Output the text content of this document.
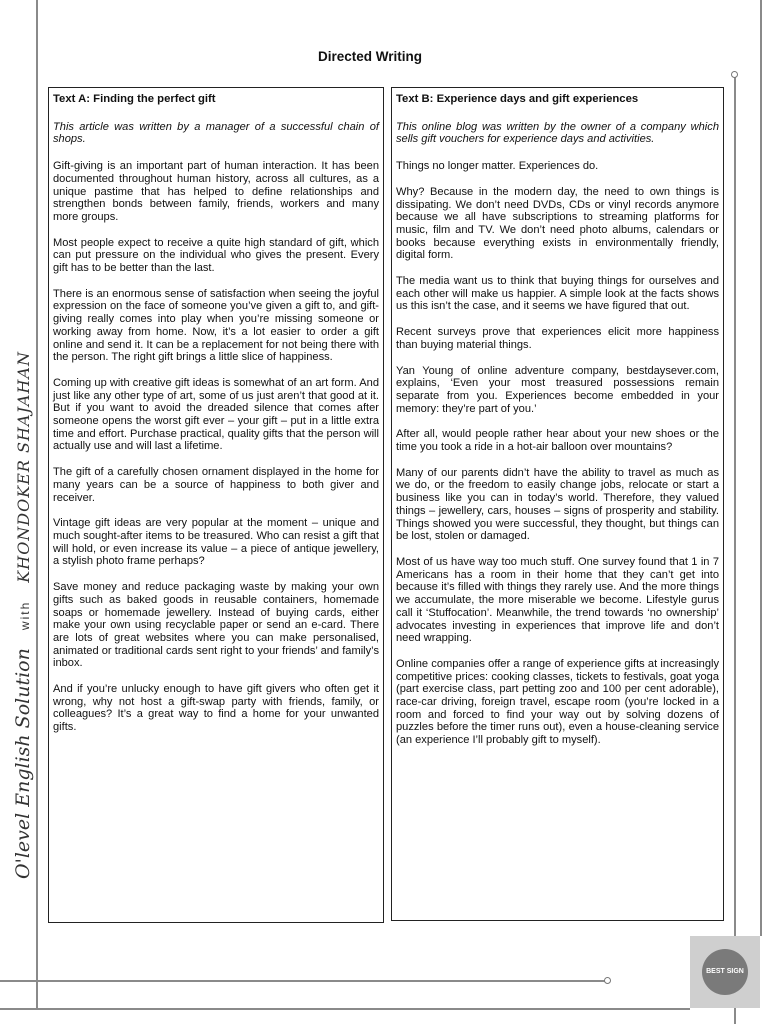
Directed Writing
O'level English Solution with KHONDOKER SHAJAHAN
Text A: Finding the perfect gift

This article was written by a manager of a successful chain of shops.

Gift-giving is an important part of human interaction. It has been documented throughout human history, across all cultures, as a unique pastime that has helped to define relationships and strengthen bonds between family, friends, workers and many more groups.

Most people expect to receive a quite high standard of gift, which can put pressure on the individual who gives the present. Every gift has to be better than the last.

There is an enormous sense of satisfaction when seeing the joyful expression on the face of someone you’ve given a gift to, and gift-giving really comes into play when you’re missing someone or working away from home. Now, it’s a lot easier to order a gift online and send it. It can be a replacement for not being there with the person. The right gift brings a little slice of happiness.

Coming up with creative gift ideas is somewhat of an art form. And just like any other type of art, some of us just aren’t that good at it. But if you want to avoid the dreaded silence that comes after someone opens the worst gift ever – your gift – put in a little extra time and effort. Purchase practical, quality gifts that the person will actually use and will last a lifetime.

The gift of a carefully chosen ornament displayed in the home for many years can be a source of happiness to both giver and receiver.

Vintage gift ideas are very popular at the moment – unique and much sought-after items to be treasured. Who can resist a gift that will hold, or even increase its value – a piece of antique jewellery, a stylish photo frame perhaps?

Save money and reduce packaging waste by making your own gifts such as baked goods in reusable containers, homemade soaps or homemade jewellery. Instead of buying cards, either make your own using recyclable paper or send an e-card. There are lots of great websites where you can make personalised, animated or traditional cards sent right to your friends’ and family’s inbox.

And if you’re unlucky enough to have gift givers who often get it wrong, why not host a gift-swap party with friends, family, or colleagues? It’s a great way to find a home for your unwanted gifts.

Text B: Experience days and gift experiences

This online blog was written by the owner of a company which sells gift vouchers for experience days and activities.

Things no longer matter. Experiences do.

Why? Because in the modern day, the need to own things is dissipating. We don’t need DVDs, CDs or vinyl records anymore because we all have subscriptions to streaming platforms for music, film and TV. We don’t need photo albums, calendars or books because everything exists in environmentally friendly, digital form.

The media want us to think that buying things for ourselves and each other will make us happier. A simple look at the facts shows us this isn’t the case, and it seems we have figured that out.

Recent surveys prove that experiences elicit more happiness than buying material things.

Yan Young of online adventure company, bestdaysever.com, explains, ‘Even your most treasured possessions remain separate from you. Experiences become embedded in your memory: they’re part of you.’

After all, would people rather hear about your new shoes or the time you took a ride in a hot-air balloon over mountains?

Many of our parents didn’t have the ability to travel as much as we do, or the freedom to easily change jobs, relocate or start a business like you can in today’s world. Therefore, they valued things – jewellery, cars, houses – signs of prosperity and stability. Things showed you were successful, they thought, but things can be lost, stolen or damaged.

Most of us have way too much stuff. One survey found that 1 in 7 Americans has a room in their home that they can’t get into because it’s filled with things they rarely use. And the more things we accumulate, the more miserable we become. Lifestyle gurus call it ‘Stuffocation’. Meanwhile, the trend towards ‘no ownership’ advocates investing in experiences that improve life and don’t need wrapping.

Online companies offer a range of experience gifts at increasingly competitive prices: cooking classes, tickets to festivals, goat yoga (part exercise class, part petting zoo and 100 per cent adorable), race-car driving, foreign travel, escape room (you’re locked in a room and forced to find your way out by solving dozens of puzzles before the timer runs out), even a house-cleaning service (an experience I’ll probably gift to myself).

BEST SIGN
